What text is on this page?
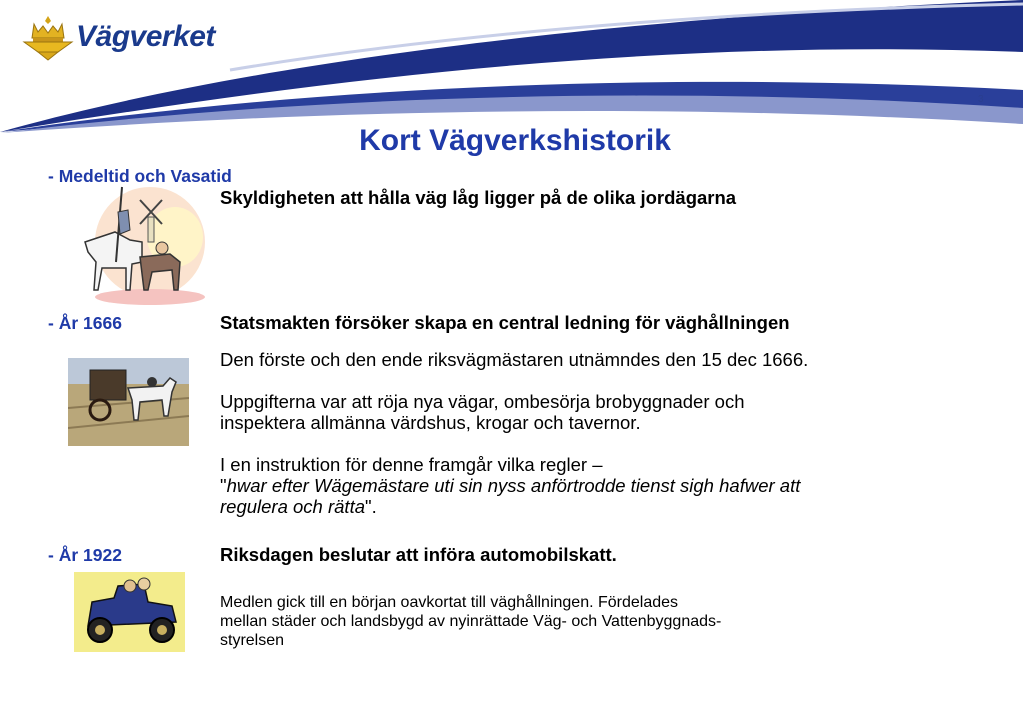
Vägverket
3
Kort Vägverkshistorik
- Medeltid och Vasatid
Skyldigheten att hålla väg låg ligger på de olika jordägarna
- År 1666	Statsmakten försöker skapa en central ledning för väghållningen
Den förste och den ende riksvägmästaren utnämndes den 15 dec 1666.
Uppgifterna var att röja nya vägar, ombesörja brobyggnader och
inspektera allmänna värdshus, krogar och tavernor.
I en instruktion för denne framgår vilka regler –
"hwar efter Wägemästare uti sin nyss anförtrodde tienst sigh hafwer att
regulera och rätta".
- År 1922	Riksdagen beslutar att införa automobilskatt.
Medlen gick till en början oavkortat till väghållningen. Fördelades
mellan städer och landsbygd av nyinrättade Väg- och Vattenbyggnads-
styrelsen
